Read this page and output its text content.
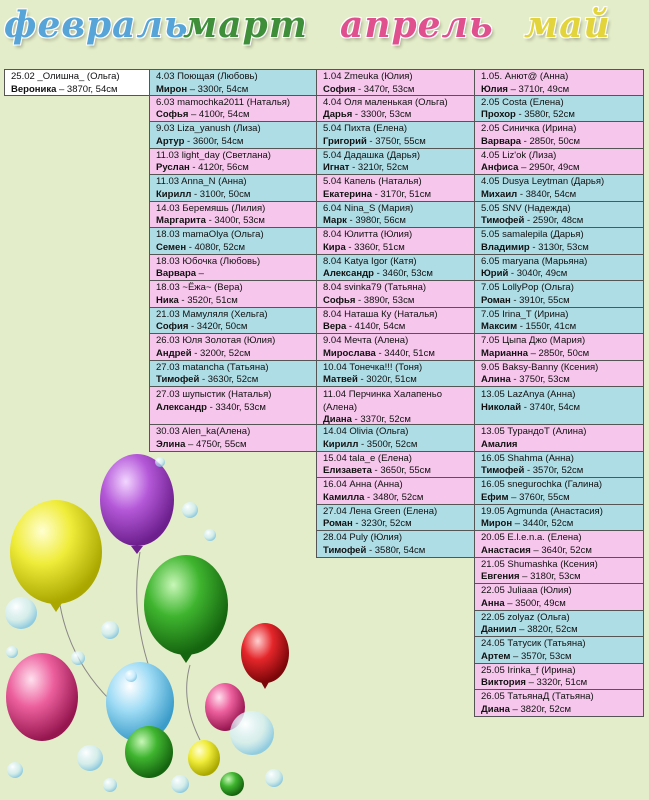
февраль
март апрель май
25.02 _Олишна_ (Ольга)
Вероника – 3870г, 54см
4.03 Поющая (Любовь)
Мирон – 3300г, 54см
6.03 mamochka2011 (Наталья)
Софья – 4100г, 54см
9.03 Liza_yanush (Лиза)
Артур - 3600г, 54см
11.03 light_day (Светлана)
Руслан - 4120г, 56см
11.03 Anna_N (Анна)
Кирилл - 3100г, 50см
14.03 Беремяшь (Лилия)
Маргарита - 3400г, 53см
18.03 mamaOlya (Ольга)
Семен - 4080г, 52см
18.03 Юбочка (Любовь)
Варвара –
18.03 ~Ёжа~ (Вера)
Ника - 3520г, 51см
21.03 Мамуляля (Хельга)
София - 3420г, 50см
26.03 Юля Золотая (Юлия)
Андрей - 3200г, 52см
27.03 matancha (Татьяна)
Тимофей - 3630г, 52см
27.03 шупыстик (Наталья)
Александр - 3340г, 53см
30.03 Alen_ka(Алена)
Элина – 4750г, 55см
1.04 Zmeuka (Юлия)
София - 3470г, 53см
4.04 Оля маленькая (Ольга)
Дарья - 3300г, 53см
5.04 Пихта (Елена)
Григорий - 3750г, 55см
5.04 Дадашка (Дарья)
Игнат - 3210г, 52см
5.04 Капель (Наталья)
Екатерина - 3170г, 51см
6.04 Nina_S (Мария)
Марк - 3980г, 56см
8.04 Юлитта (Юлия)
Кира - 3360г, 51см
8.04 Katya Igor (Катя)
Александр - 3460г, 53см
8.04 svinka79 (Татьяна)
Софья - 3890г, 53см
8.04 Наташа Ку (Наталья)
Вера - 4140г, 54см
9.04 Мечта (Алена)
Мирослава - 3440г, 51см
10.04 Тонечка!!! (Тоня)
Матвей - 3020г, 51см
11.04 Перчинка Халапеньо (Алена)
Диана - 3370г, 52см
14.04 Olivia (Ольга)
Кирилл - 3500г, 52см
15.04 tala_e (Елена)
Елизавета - 3650г, 55см
16.04 Анна (Анна)
Камилла - 3480г, 52см
27.04 Лена Green (Елена)
Роман - 3230г, 52см
28.04 Puly (Юлия)
Тимофей - 3580г, 54см
1.05. Анют@ (Анна)
Юлия – 3710г, 49см
2.05 Costa (Елена)
Прохор - 3580г, 52см
2.05 Синичка (Ирина)
Варвара - 2850г, 50см
4.05 Liz'ok (Лиза)
Анфиса – 2950г, 49см
4.05 Dusya Leytman (Дарья)
Михаил - 3840г, 54см
5.05 SNV (Надежда)
Тимофей - 2590г, 48см
5.05 samalepila (Дарья)
Владимир - 3130г, 53см
6.05 maryana (Марьяна)
Юрий - 3040г, 49см
7.05 LollyPop (Ольга)
Роман - 3910г, 55см
7.05 Irina_T (Ирина)
Максим - 1550г, 41см
7.05 Цыпа Джо (Мария)
Марианна – 2850г, 50см
9.05 Baksy-Banny (Ксения)
Алина - 3750г, 53см
13.05 LazAnya (Анна)
Николай - 3740г, 54см
13.05 ТурандоТ (Алина)
Амалия
16.05 Shahma (Анна)
Тимофей - 3570г, 52см
16.05 snegurochka (Галина)
Ефим – 3760г, 55см
19.05 Agmunda (Анастасия)
Мирон – 3440г, 52см
20.05 E.l.e.n.a. (Елена)
Анастасия – 3640г, 52см
21.05 Shumashka (Ксения)
Евгения – 3180г, 53см
22.05 Juliaaa (Юлия)
Анна – 3500г, 49см
22.05 zolyaz (Ольга)
Даниил – 3820г, 52см
24.05 Татусик (Татьяна)
Артем – 3570г, 53см
25.05 Irinka_f (Ирина)
Виктория – 3320г, 51см
26.05 ТатьянаД (Татьяна)
Диана – 3820г, 52см
